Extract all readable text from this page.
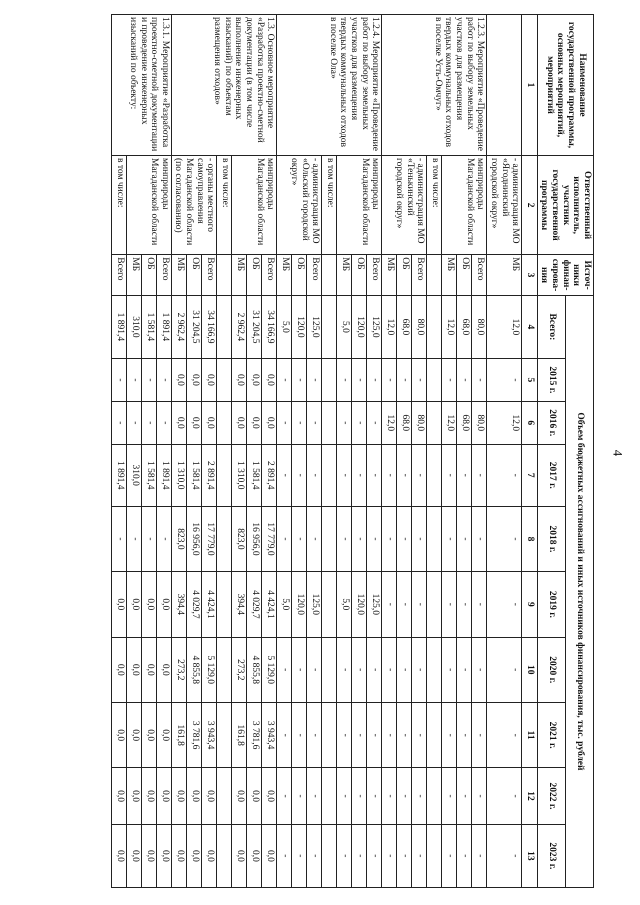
4
Наименование государственной программы, основных мероприятий, мероприятий	Ответственный исполнитель, участник государственной программы	Источ-ники финан-сирова-ния	Объем бюджетных ассигнований и иных источников финансирования, тыс. рублей									
			Всего:	2015 г.	2016 г.	2017 г.	2018 г.	2019 г.	2020 г.	2021 г.	2022 г.	2023 г.
1	2	3	4	5	6	7	8	9	10	11	12	13
	- администрация МО «Ягоднинский городской округ»	МБ	12,0	-	12,0	-	-	-	-	-	-	-
1.2.3. Мероприятие «Проведение работ по выбору земельных участков для размещения твердых коммунальных отходов в поселке Усть-Омчуг»	минприроды Магаданской области	Всего	80,0	-	80,0	-	-	-	-	-	-	-
		ОБ	68,0	-	68,0	-	-	-	-	-	-	-
		МБ	12,0	-	12,0	-	-	-	-	-	-	-
	в том числе:											
	- администрация МО «Тенькинский городской округ»	Всего	80,0	-	80,0	-	-	-	-	-	-	-
		ОБ	68,0	-	68,0	-	-	-	-	-	-	-
		МБ	12,0	-	12,0	-	-	-	-	-	-	-
1.2.4. Мероприятие «Проведение работ по выбору земельных участков для размещения твердых коммунальных отходов в поселке Ола»	минприроды Магаданской области	Всего	125,0	-	-	-	-	125,0	-	-	-	-
		ОБ	120,0	-	-	-	-	120,0	-	-	-	-
		МБ	5,0	-	-	-	-	5,0	-	-	-	-
	в том числе:											
	- администрация МО «Ольский городской округ»	Всего	125,0	-	-	-	-	125,0	-	-	-	-
		ОБ	120,0	-	-	-	-	120,0	-	-	-	-
		МБ	5,0	-	-	-	-	5,0	-	-	-	-
1.3. Основное мероприятие «Разработка проектно-сметной документации (в том числе выполнение инженерных изысканий) по объектам размещения отходов»	минприроды Магаданской области	Всего	34 166,9	0,0	0,0	2 891,4	17 779,0	4 424,1	5 129,0	3 943,4	0,0	0,0
		ОБ	31 204,5	0,0	0,0	1 581,4	16 956,0	4 029,7	4 855,8	3 781,6	0,0	0,0
		МБ	2 962,4	0,0	0,0	1 310,0	823,0	394,4	273,2	161,8	0,0	0,0
	в том числе:											
	- органы местного самоуправления Магаданской области (по согласованию)	Всего	34 166,9	0,0	0,0	2 891,4	17 779,0	4 424,1	5 129,0	3 943,4	0,0	0,0
		ОБ	31 204,5	0,0	0,0	1 581,4	16 956,0	4 029,7	4 855,8	3 781,6	0,0	0,0
		МБ	2 962,4	0,0	0,0	1 310,0	823,0	394,4	273,2	161,8	0,0	0,0
1.3.1. Мероприятие «Разработка проектно-сметной документации и проведение инженерных изысканий по объекту:	минприроды Магаданской области	Всего	1 891,4	-	-	1 891,4	-	0,0	0,0	0,0	0,0	0,0
		ОБ	1 581,4	-	-	1 581,4	-	0,0	0,0	0,0	0,0	0,0
		МБ	310,0	-	-	310,0	-	0,0	0,0	0,0	0,0	0,0
	в том числе:	Всего	1 891,4	-	-	1 891,4	-	0,0	0,0	0,0	0,0	0,0
